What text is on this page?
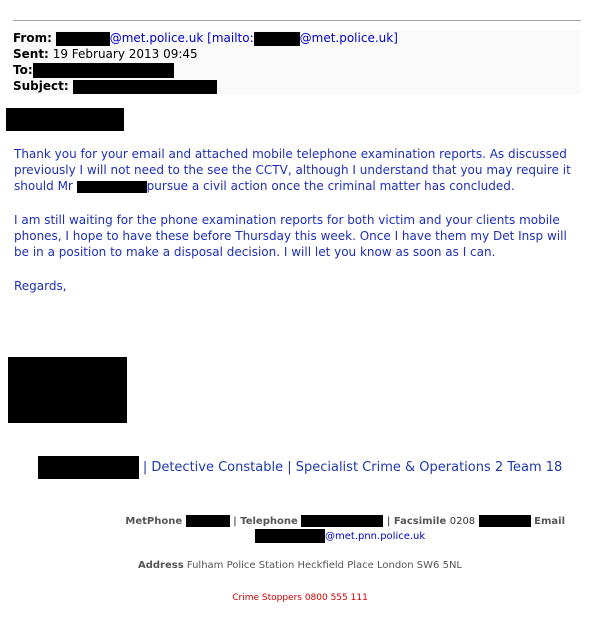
From:	@met.police.uk [mailto:	@met.police.uk]
Sent: 19 February 2013 09:45
To:
Subject:

Thank you for your email and attached mobile telephone examination reports. As discussed previously I will not need to the see the CCTV, although I understand that you may require it should Mr	pursue a civil action once the criminal matter has concluded.

I am still waiting for the phone examination reports for both victim and your clients mobile phones, I hope to have these before Thursday this week. Once I have them my Det Insp will be in a position to make a disposal decision. I will let you know as soon as I can.

Regards,

| Detective Constable | Specialist Crime & Operations 2 Team 18
MetPhone	| Telephone	| Facsimile 0208	Email
@met.pnn.police.uk
Address Fulham Police Station Heckfield Place London SW6 5NL
Crime Stoppers 0800 555 111
